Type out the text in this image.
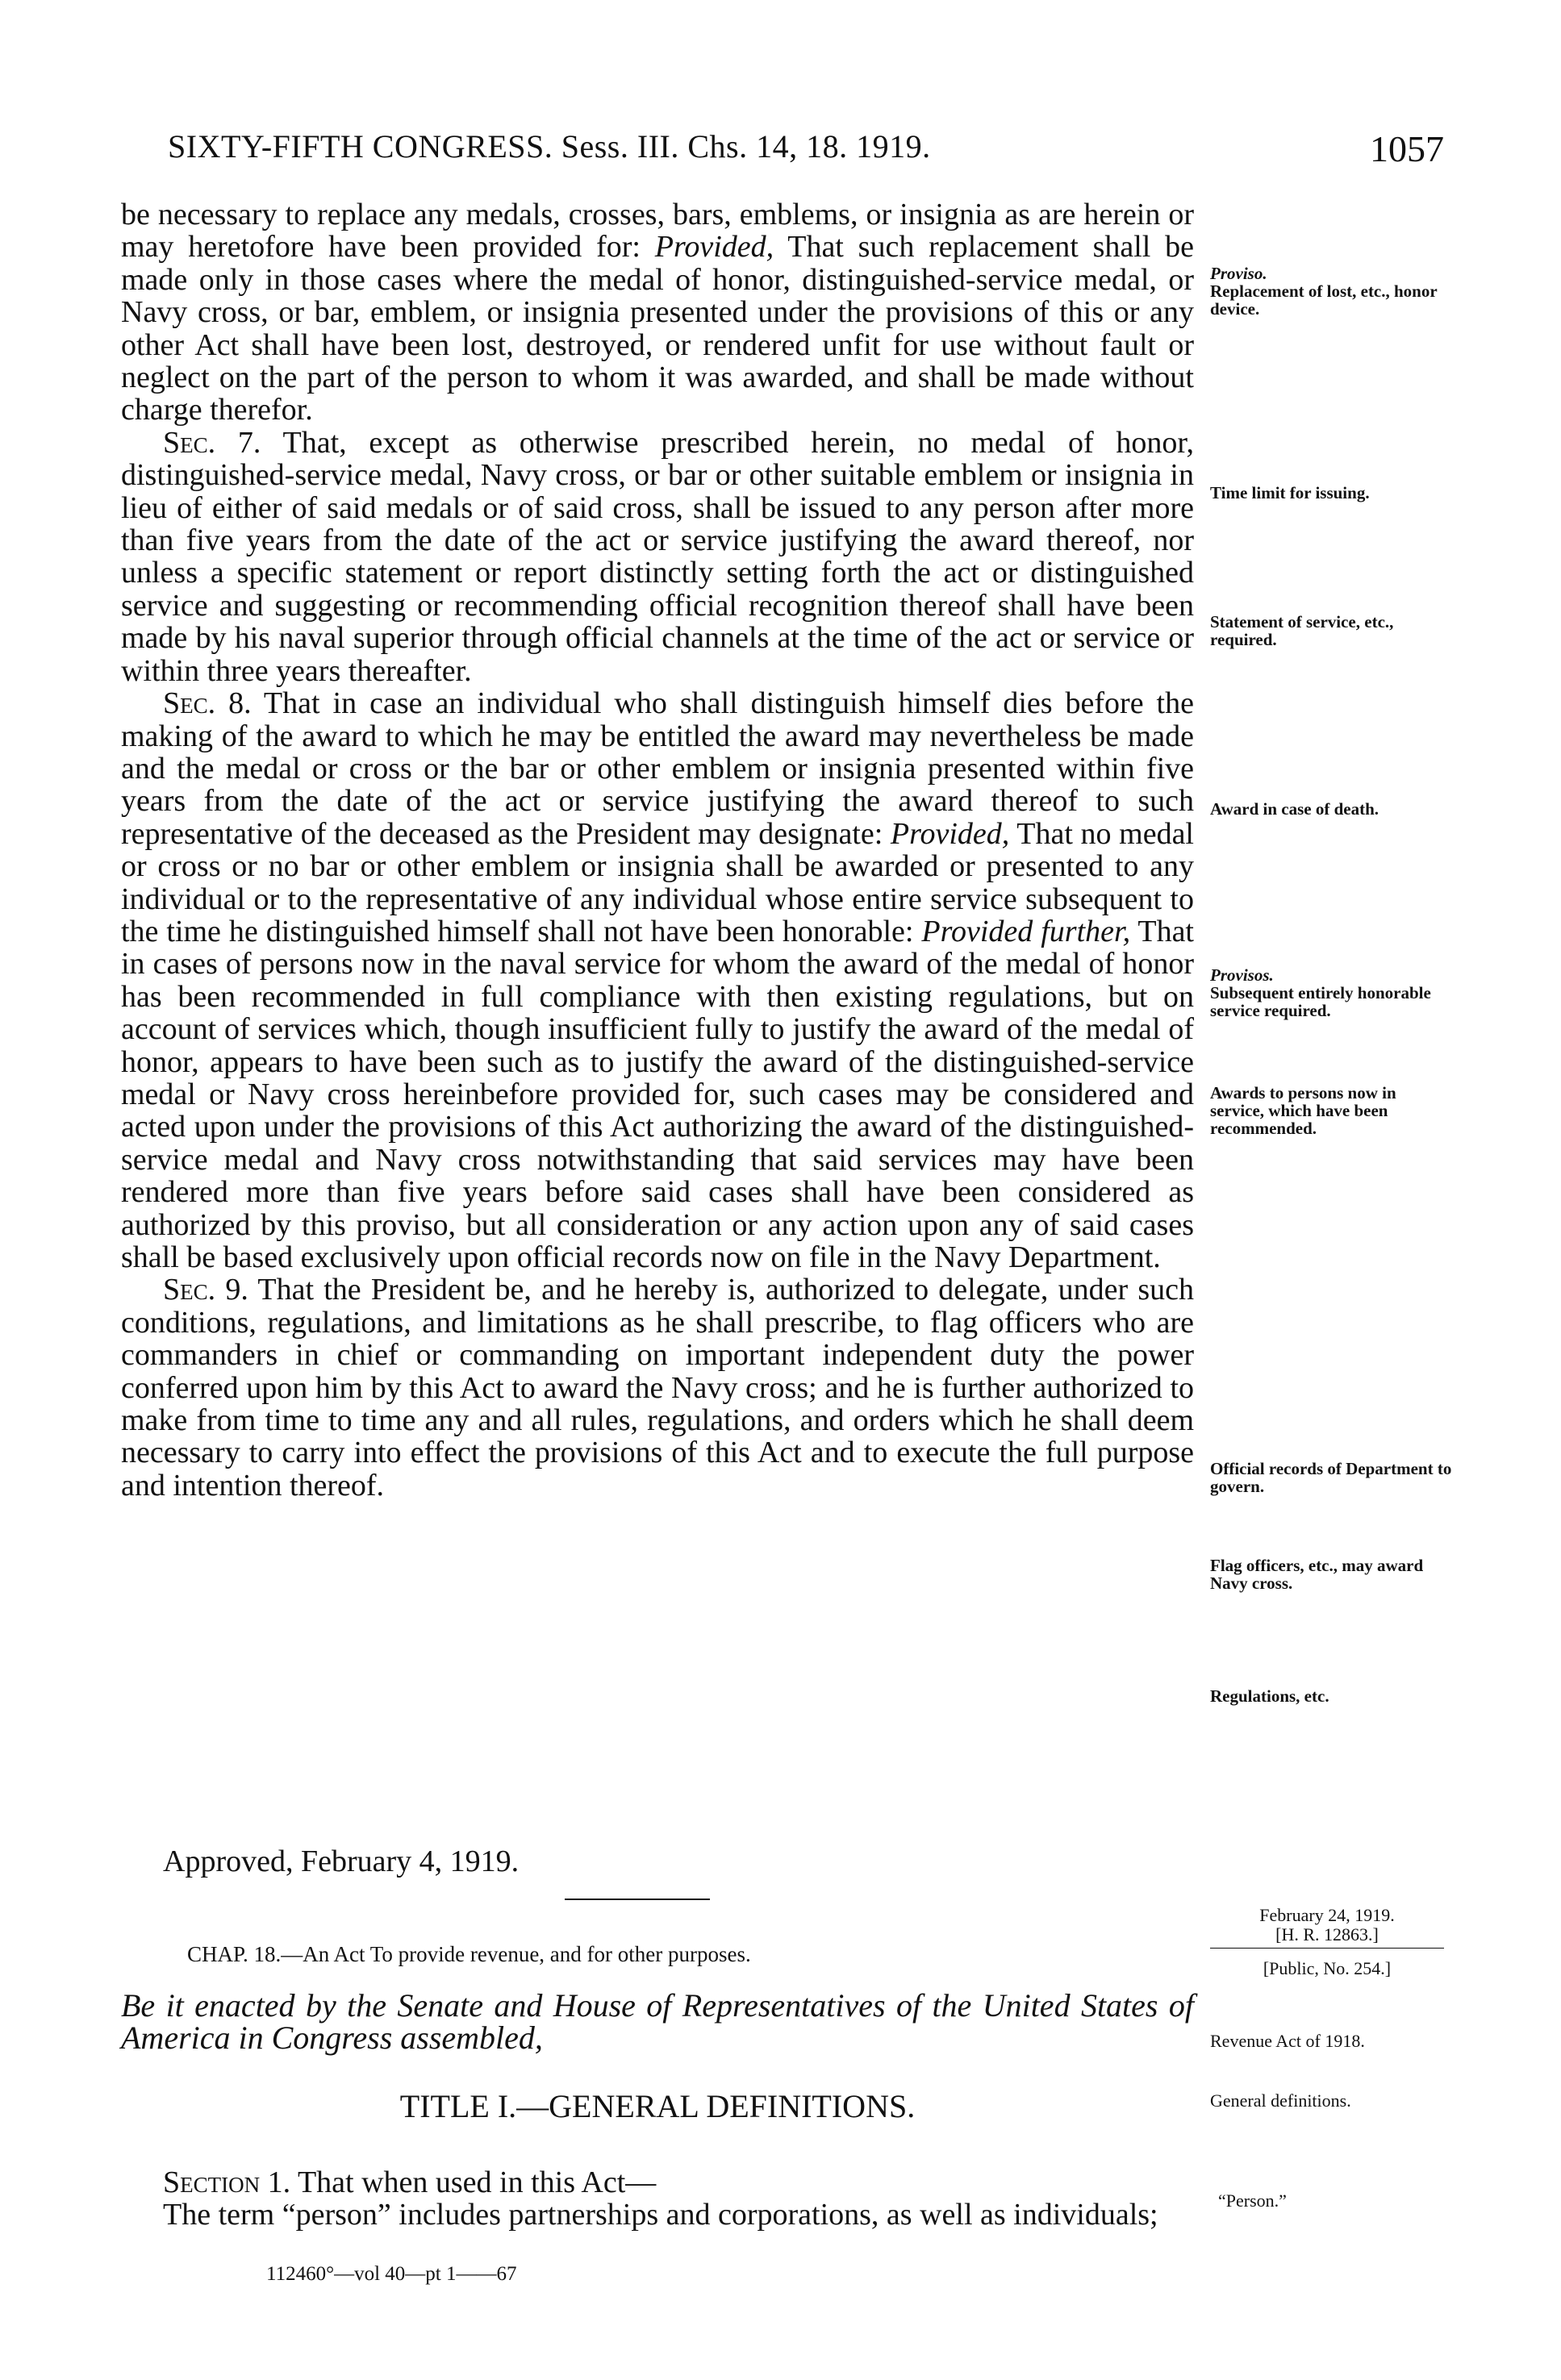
SIXTY-FIFTH CONGRESS. Sess. III. Chs. 14, 18. 1919.	1057

be necessary to replace any medals, crosses, bars, emblems, or insignia as are herein or may heretofore have been provided for: Provided, That such replacement shall be made only in those cases where the medal of honor, distinguished-service medal, or Navy cross, or bar, emblem, or insignia presented under the provisions of this or any other Act shall have been lost, destroyed, or rendered unfit for use without fault or neglect on the part of the person to whom it was awarded, and shall be made without charge therefor.

Sec. 7. That, except as otherwise prescribed herein, no medal of honor, distinguished-service medal, Navy cross, or bar or other suitable emblem or insignia in lieu of either of said medals or of said cross, shall be issued to any person after more than five years from the date of the act or service justifying the award thereof, nor unless a specific statement or report distinctly setting forth the act or distinguished service and suggesting or recommending official recognition thereof shall have been made by his naval superior through official channels at the time of the act or service or within three years thereafter.

Sec. 8. That in case an individual who shall distinguish himself dies before the making of the award to which he may be entitled the award may nevertheless be made and the medal or cross or the bar or other emblem or insignia presented within five years from the date of the act or service justifying the award thereof to such representative of the deceased as the President may designate: Provided, That no medal or cross or no bar or other emblem or insignia shall be awarded or presented to any individual or to the representative of any individual whose entire service subsequent to the time he distinguished himself shall not have been honorable: Provided further, That in cases of persons now in the naval service for whom the award of the medal of honor has been recommended in full compliance with then existing regulations, but on account of services which, though insufficient fully to justify the award of the medal of honor, appears to have been such as to justify the award of the distinguished-service medal or Navy cross hereinbefore provided for, such cases may be considered and acted upon under the provisions of this Act authorizing the award of the distinguished-service medal and Navy cross notwithstanding that said services may have been rendered more than five years before said cases shall have been considered as authorized by this proviso, but all consideration or any action upon any of said cases shall be based exclusively upon official records now on file in the Navy Department.

Sec. 9. That the President be, and he hereby is, authorized to delegate, under such conditions, regulations, and limitations as he shall prescribe, to flag officers who are commanders in chief or commanding on important independent duty the power conferred upon him by this Act to award the Navy cross; and he is further authorized to make from time to time any and all rules, regulations, and orders which he shall deem necessary to carry into effect the provisions of this Act and to execute the full purpose and intention thereof.

Approved, February 4, 1919.

Proviso.
Replacement of lost, etc., honor device.
Time limit for issuing.
Statement of service, etc., required.
Award in case of death.
Provisos.
Subsequent entirely honorable service required.
Awards to persons now in service, which have been recommended.
Official records of Department to govern.
Flag officers, etc., may award Navy cross.
Regulations, etc.
February 24, 1919.
[H. R. 12863.]
[Public, No. 254.]
CHAP. 18.—An Act To provide revenue, and for other purposes.
Be it enacted by the Senate and House of Representatives of the United States of America in Congress assembled,	Revenue Act of 1918.
TITLE I.—GENERAL DEFINITIONS.	General definitions.
Section 1. That when used in this Act—
The term “person” includes partnerships and corporations, as well as individuals;	“Person.”
112460°—vol 40—pt 1——67
